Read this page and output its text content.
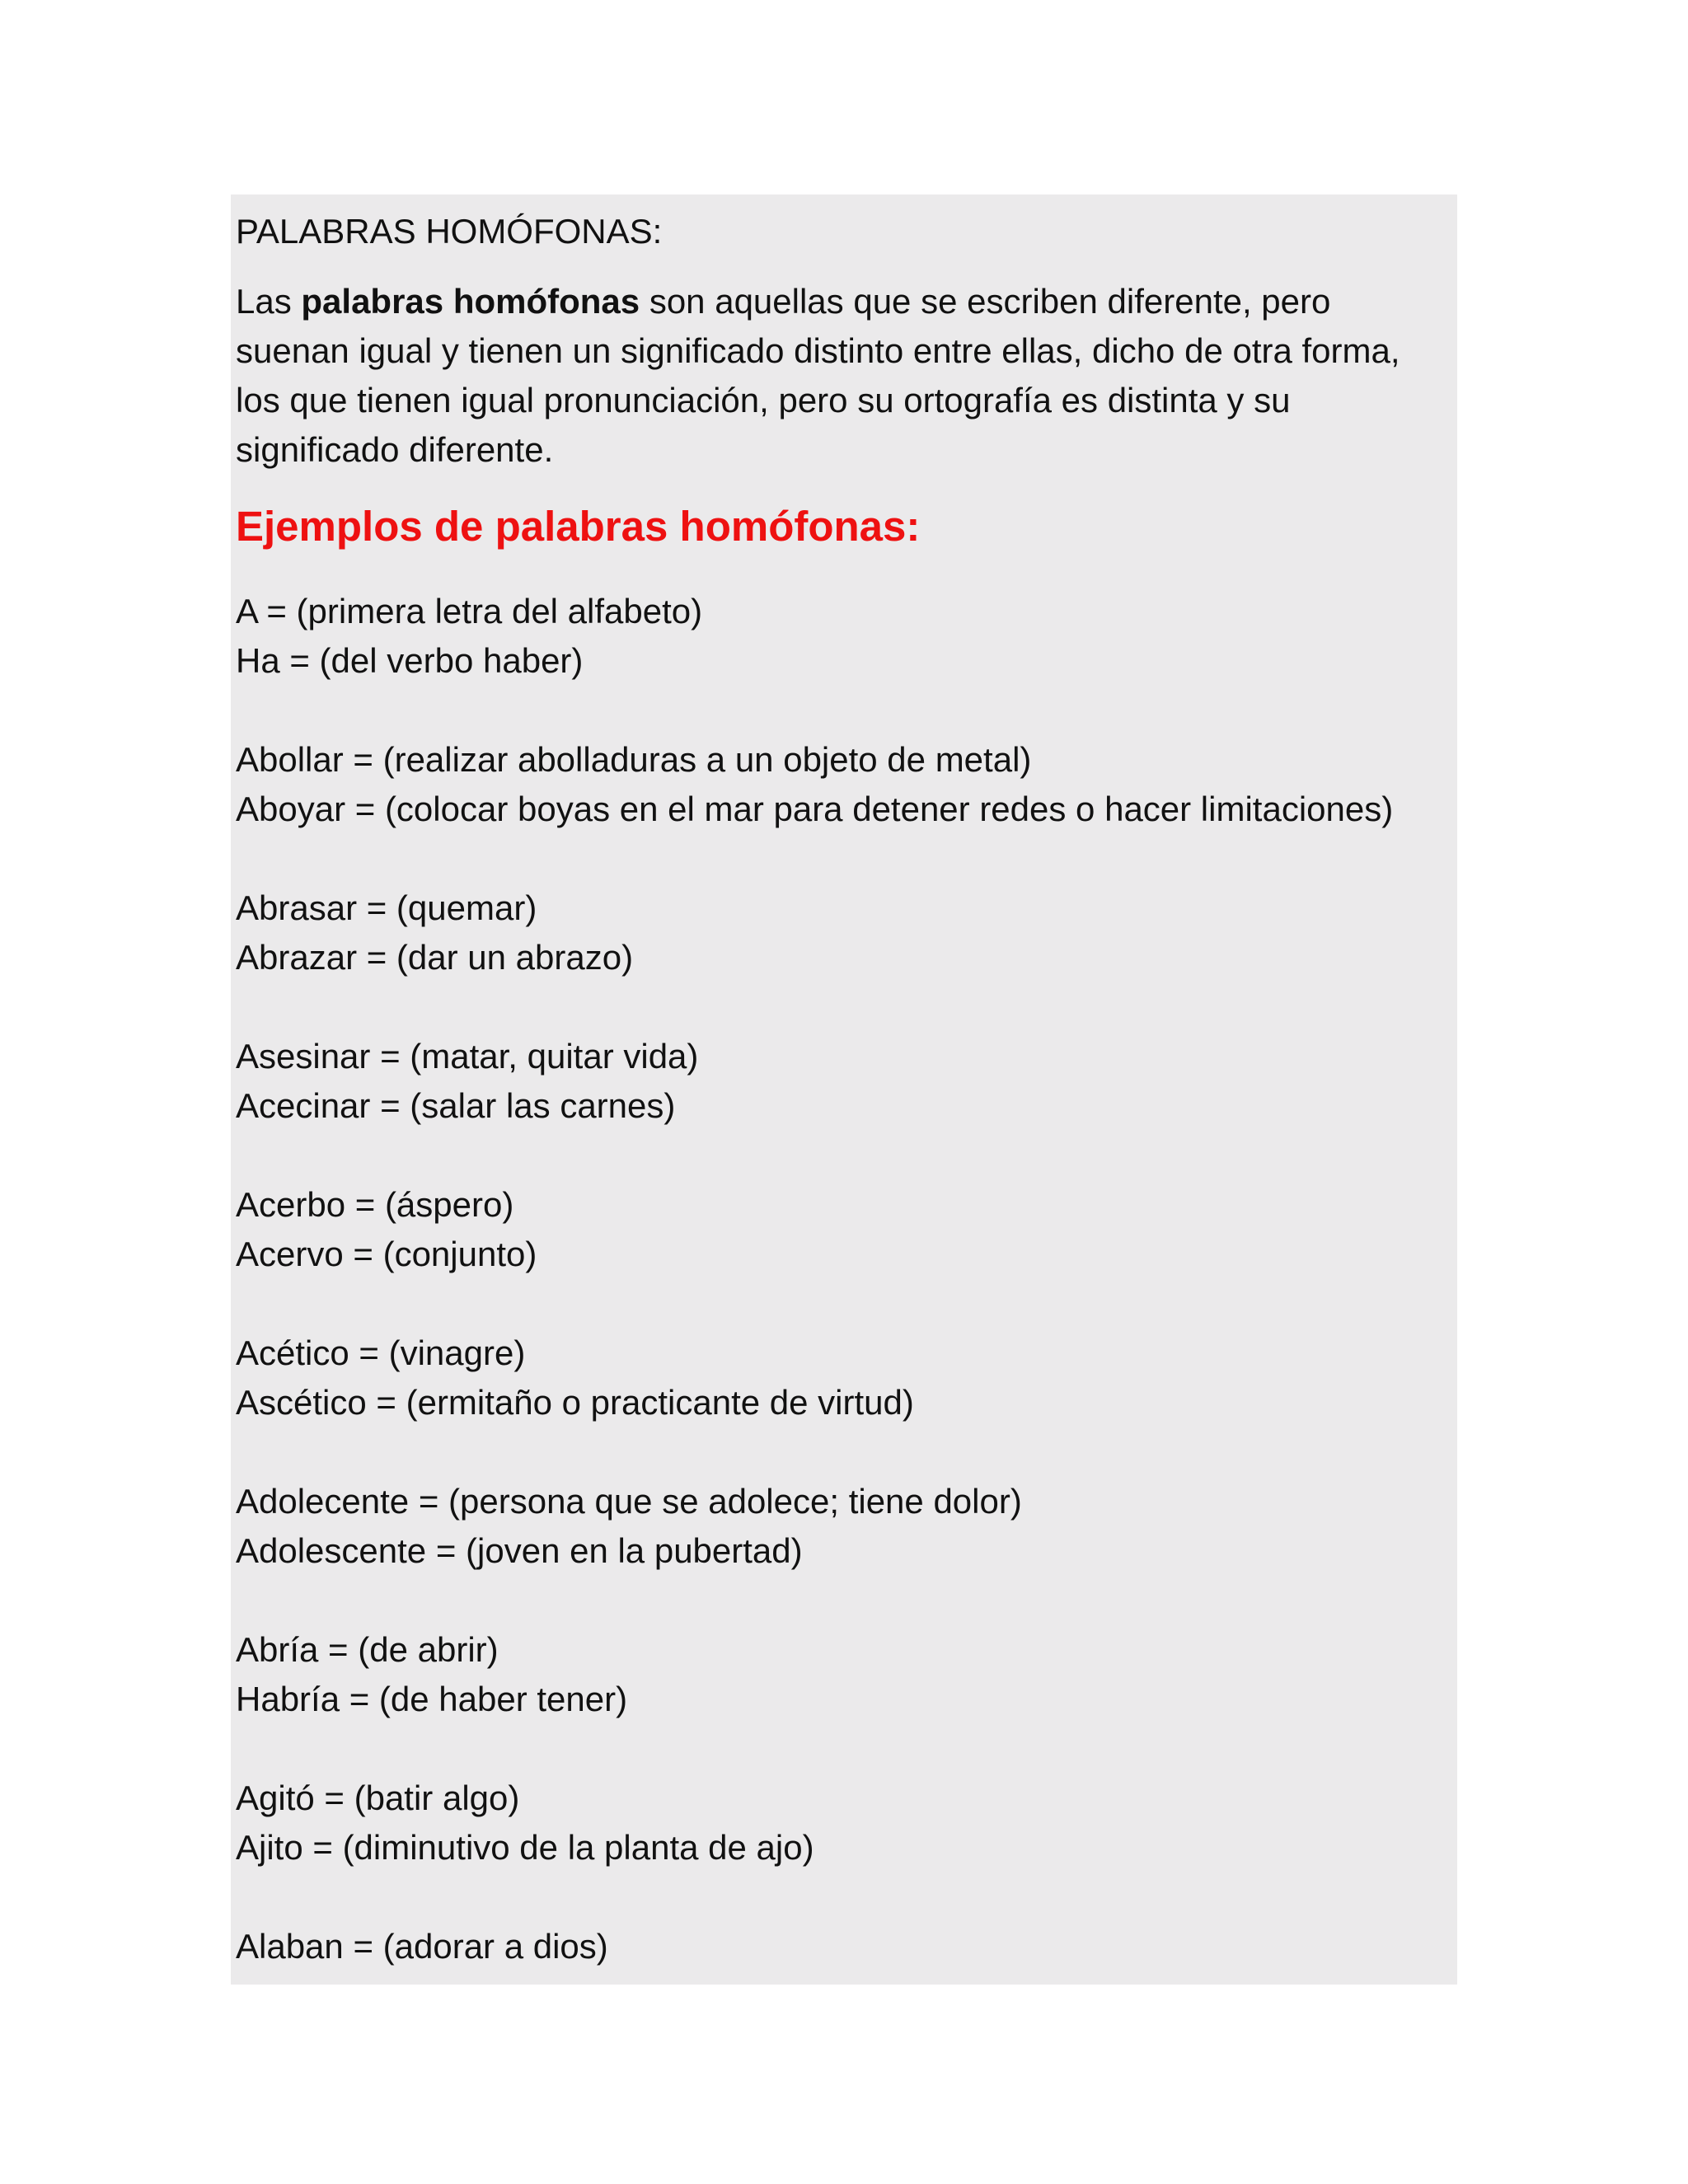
PALABRAS HOMÓFONAS:

Las palabras homófonas son aquellas que se escriben diferente, pero suenan igual y tienen un significado distinto entre ellas, dicho de otra forma, los que tienen igual pronunciación, pero su ortografía es distinta y su significado diferente.

Ejemplos de palabras homófonas:
A = (primera letra del alfabeto)
Ha = (del verbo haber)
Abollar = (realizar abolladuras a un objeto de metal)
Aboyar = (colocar boyas en el mar para detener redes o hacer limitaciones)
Abrasar = (quemar)
Abrazar = (dar un abrazo)
Asesinar = (matar, quitar vida)
Acecinar = (salar las carnes)
Acerbo = (áspero)
Acervo = (conjunto)
Acético = (vinagre)
Ascético = (ermitaño o practicante de virtud)
Adolecente = (persona que se adolece; tiene dolor)
Adolescente = (joven en la pubertad)
Abría = (de abrir)
Habría = (de haber tener)
Agitó = (batir algo)
Ajito = (diminutivo de la planta de ajo)
Alaban = (adorar a dios)
